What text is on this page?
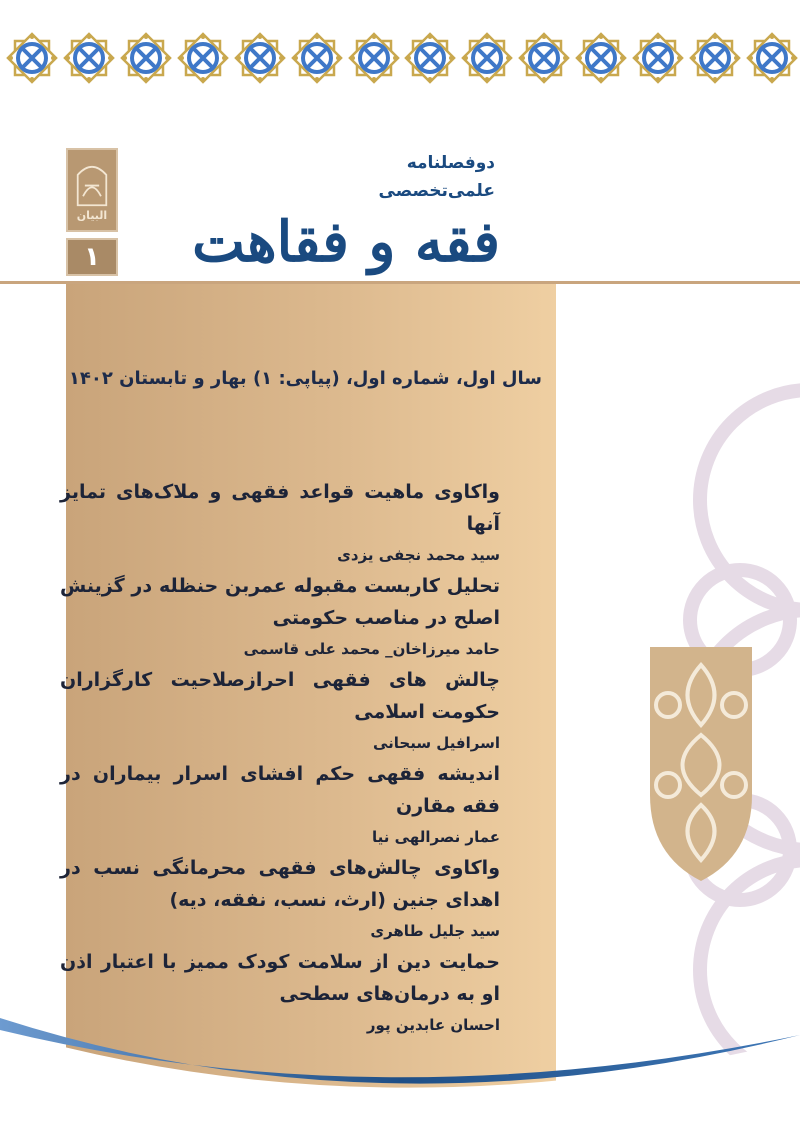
البیان
۱	فقه و فقاهت
دوفصلنامه
علمی‌تخصصی
سال اول، شماره اول، (پیاپی: ۱) بهار و تابستان ۱۴۰۲
واکاوی ماهیت قواعد فقهی و ملاک‌های تمایز آنها
سید محمد نجفی یزدی
تحلیل کاربست مقبوله عمربن حنظله در گزینش اصلح در مناصب حکومتی
حامد میرزاخان_ محمد علی قاسمی
چالش های فقهی احرازصلاحیت کارگزاران حکومت اسلامی
اسرافیل سبحانی
اندیشه فقهی حکم افشای اسرار بیماران در فقه مقارن
عمار نصرالهی نیا
واکاوی چالش‌های فقهی محرمانگی نسب در اهدای جنین (ارث، نسب، نفقه، دیه)
سید جلیل طاهری
حمایت دین از سلامت کودک ممیز با اعتبار اذن او به درمان‌های سطحی
احسان عابدین پور
